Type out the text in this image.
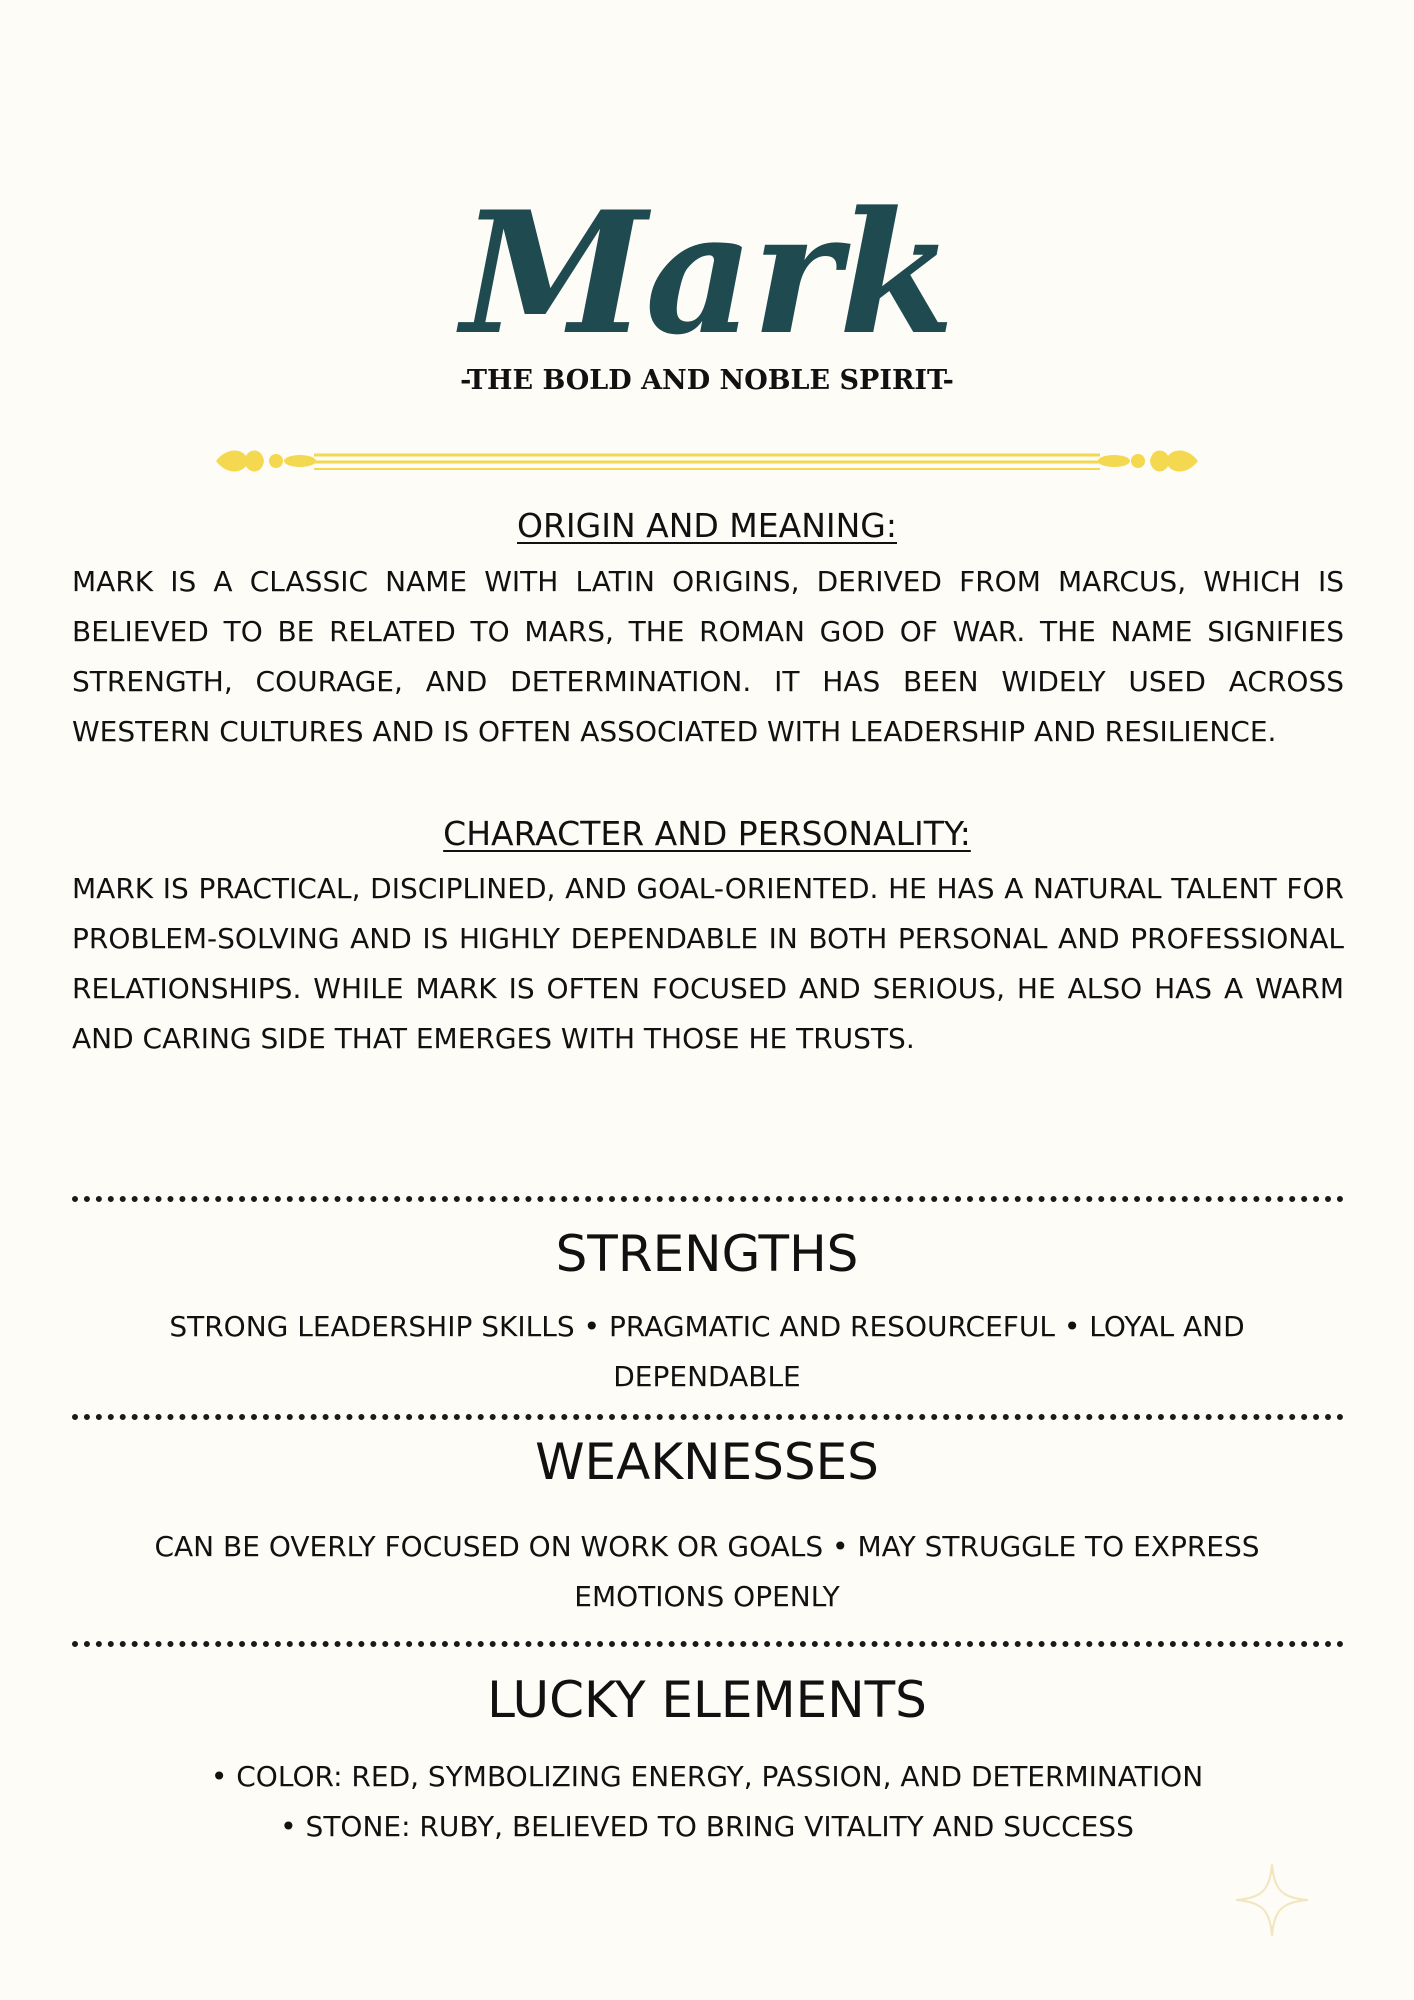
Mark
-THE BOLD AND NOBLE SPIRIT-
ORIGIN AND MEANING:
MARK IS A CLASSIC NAME WITH LATIN ORIGINS, DERIVED FROM MARCUS, WHICH IS BELIEVED TO BE RELATED TO MARS, THE ROMAN GOD OF WAR. THE NAME SIGNIFIES STRENGTH, COURAGE, AND DETERMINATION. IT HAS BEEN WIDELY USED ACROSS WESTERN CULTURES AND IS OFTEN ASSOCIATED WITH LEADERSHIP AND RESILIENCE.
CHARACTER AND PERSONALITY:
MARK IS PRACTICAL, DISCIPLINED, AND GOAL-ORIENTED. HE HAS A NATURAL TALENT FOR PROBLEM-SOLVING AND IS HIGHLY DEPENDABLE IN BOTH PERSONAL AND PROFESSIONAL RELATIONSHIPS. WHILE MARK IS OFTEN FOCUSED AND SERIOUS, HE ALSO HAS A WARM AND CARING SIDE THAT EMERGES WITH THOSE HE TRUSTS.
STRENGTHS
STRONG LEADERSHIP SKILLS • PRAGMATIC AND RESOURCEFUL • LOYAL AND DEPENDABLE
WEAKNESSES
CAN BE OVERLY FOCUSED ON WORK OR GOALS • MAY STRUGGLE TO EXPRESS EMOTIONS OPENLY
LUCKY ELEMENTS
• COLOR: RED, SYMBOLIZING ENERGY, PASSION, AND DETERMINATION
• STONE: RUBY, BELIEVED TO BRING VITALITY AND SUCCESS
